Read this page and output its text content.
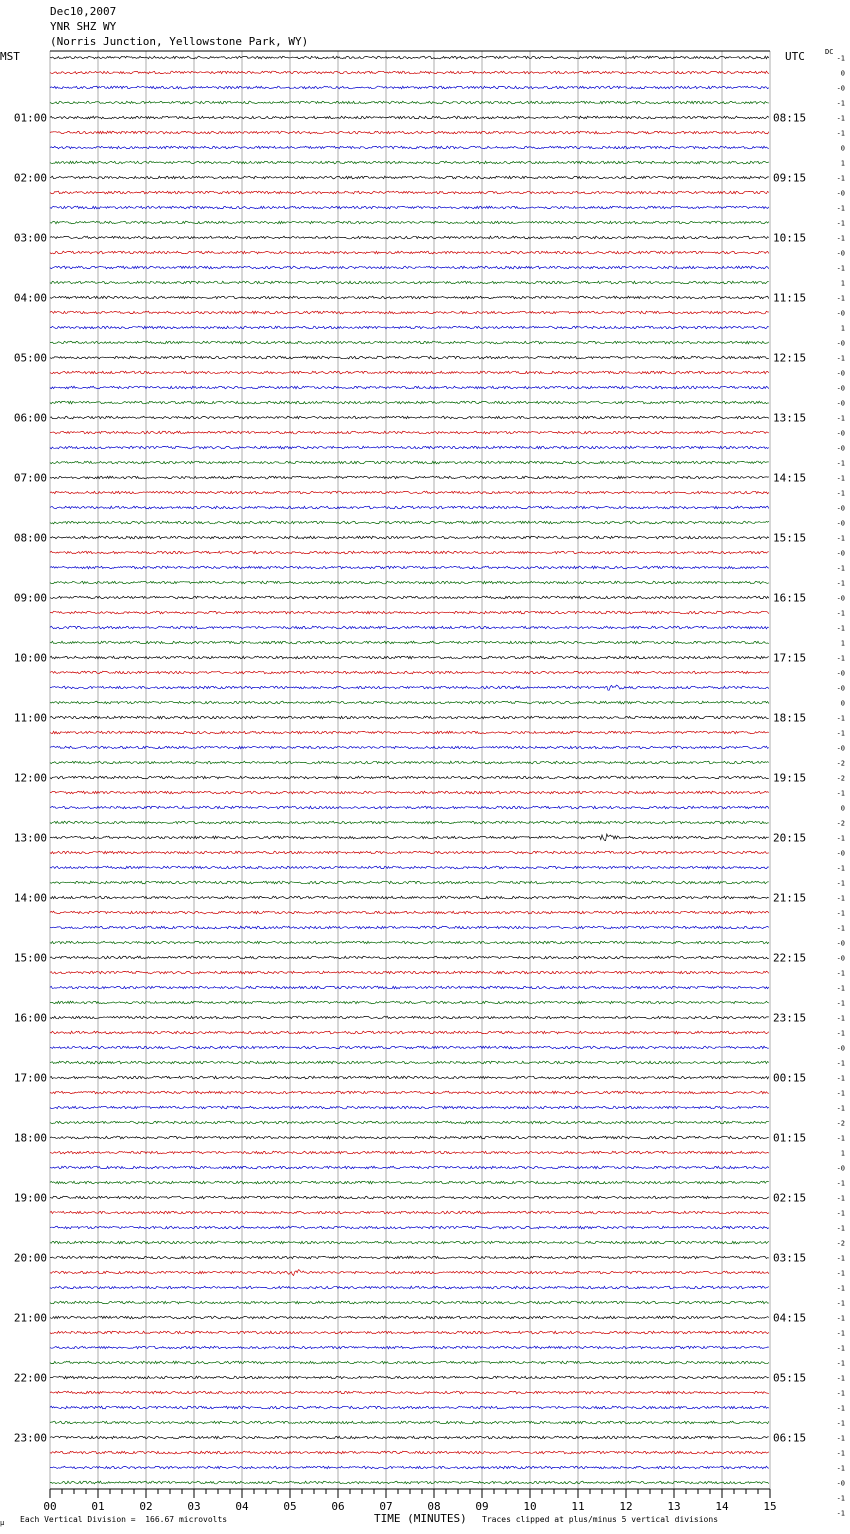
Dec10,2007
YNR SHZ WY
(Norris Junction, Yellowstone Park, WY)
MST	UTC	DC
01:00
02:00
03:00
04:00
05:00
06:00
07:00
08:00
09:00
10:00
11:00
12:00
13:00
14:00
15:00
16:00
17:00
18:00
19:00
20:00
21:00
22:00
23:00
08:15
09:15
10:15
11:15
12:15
13:15
14:15
15:15
16:15
17:15
18:15
19:15
20:15
21:15
22:15
23:15
00:15
01:15
02:15
03:15
04:15
05:15
06:15
-1
0
-0
-1
-1
-1
0
1
-1
-0
-1
-1
-1
-0
-1
1
-1
-0
1
-0
-1
-0
-0
-0
-1
-0
-0
-1
-1
-1
-0
-0
-1
-0
-1
-1
-0
-1
-1
1
-1
-0
-0
0
-1
-1
-0
-2
-2
-1
0
-2
-1
-0
-1
-1
-1
-1
-1
-0
-0
-1
-1
-1
-1
-1
-0
-1
-1
-1
-1
-2
-1
1
-0
-1
-1
-1
-1
-2
-1
-1
-1
-1
-1
-1
-1
-1
-1
-1
-1
-1
-1
-1
-1
-0
-1
-1
00	01	02	03	04	05	06	07	08	09	10	11	12	13	14	15
µ Each Vertical Division =  166.67 microvolts	TIME (MINUTES) Traces clipped at plus/minus 5 vertical divisions
